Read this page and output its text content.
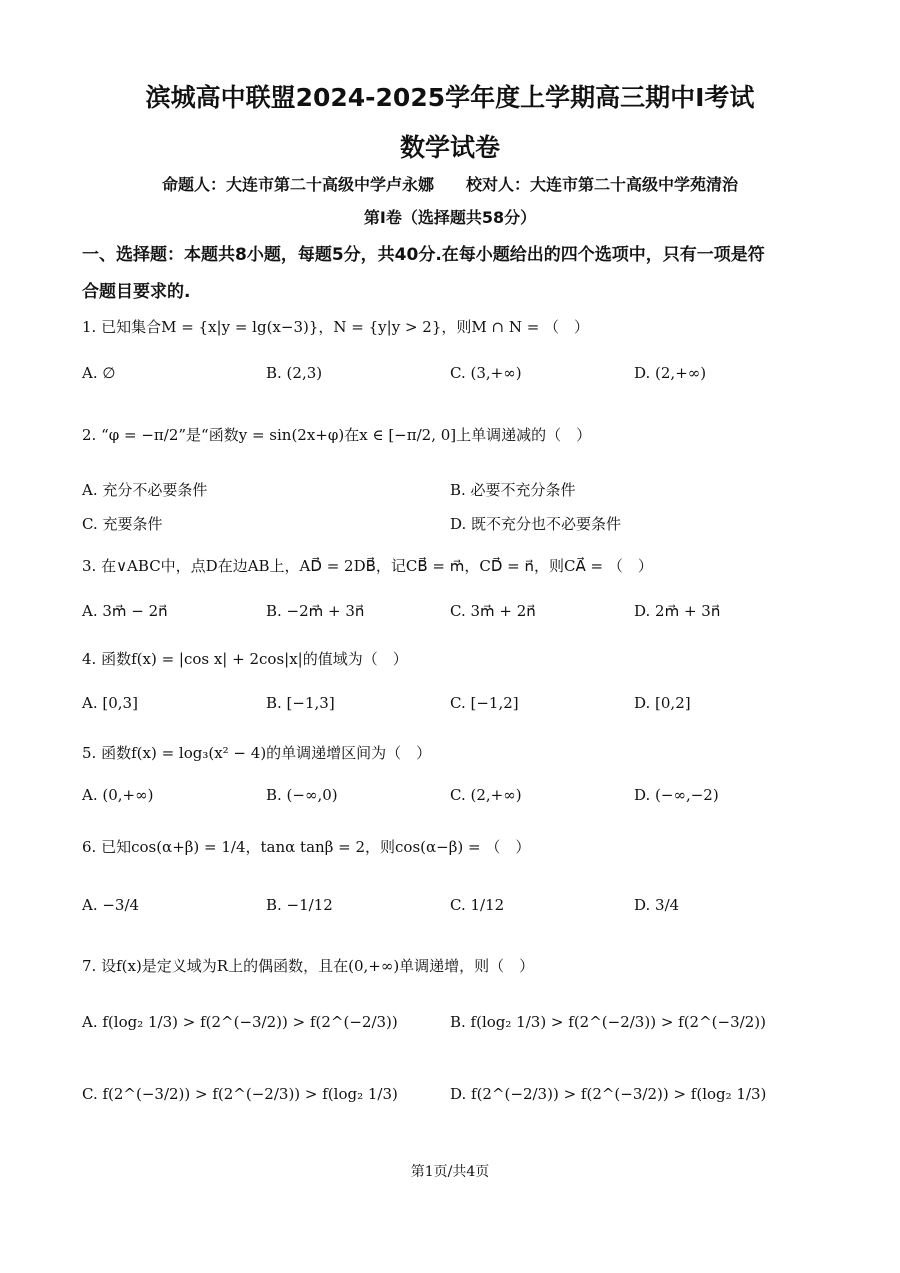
滨城高中联盟2024-2025学年度上学期高三期中Ⅰ考试
数学试卷
命题人：大连市第二十高级中学卢永娜　　校对人：大连市第二十高级中学苑清治
第Ⅰ卷（选择题共58分）
一、选择题：本题共8小题，每题5分，共40分.在每小题给出的四个选项中，只有一项是符
合题目要求的.
1. 已知集合M = {x|y = lg(x−3)}，N = {y|y > 2}，则M ∩ N = （　）
A. ∅	B. (2,3)	C. (3,+∞)	D. (2,+∞)
2. “φ = −π/2”是“函数y = sin(2x+φ)在x ∈ [−π/2, 0]上单调递减的（　）
A. 充分不必要条件	B. 必要不充分条件
C. 充要条件	D. 既不充分也不必要条件
3. 在∨ABC中，点D在边AB上，AD⃗ = 2DB⃗，记CB⃗ = m⃗，CD⃗ = n⃗，则CA⃗ = （　）
A. 3m⃗ − 2n⃗	B. −2m⃗ + 3n⃗	C. 3m⃗ + 2n⃗	D. 2m⃗ + 3n⃗
4. 函数f(x) = |cos x| + 2cos|x|的值域为（　）
A. [0,3]	B. [−1,3]	C. [−1,2]	D. [0,2]
5. 函数f(x) = log₃(x² − 4)的单调递增区间为（　）
A. (0,+∞)	B. (−∞,0)	C. (2,+∞)	D. (−∞,−2)
6. 已知cos(α+β) = 1/4，tanα tanβ = 2，则cos(α−β) = （　）
A. −3/4	B. −1/12	C. 1/12	D. 3/4
7. 设f(x)是定义域为R上的偶函数，且在(0,+∞)单调递增，则（　）
A. f(log₂ 1/3) > f(2^(−3/2)) > f(2^(−2/3))	B. f(log₂ 1/3) > f(2^(−2/3)) > f(2^(−3/2))
C. f(2^(−3/2)) > f(2^(−2/3)) > f(log₂ 1/3)	D. f(2^(−2/3)) > f(2^(−3/2)) > f(log₂ 1/3)
第1页/共4页
